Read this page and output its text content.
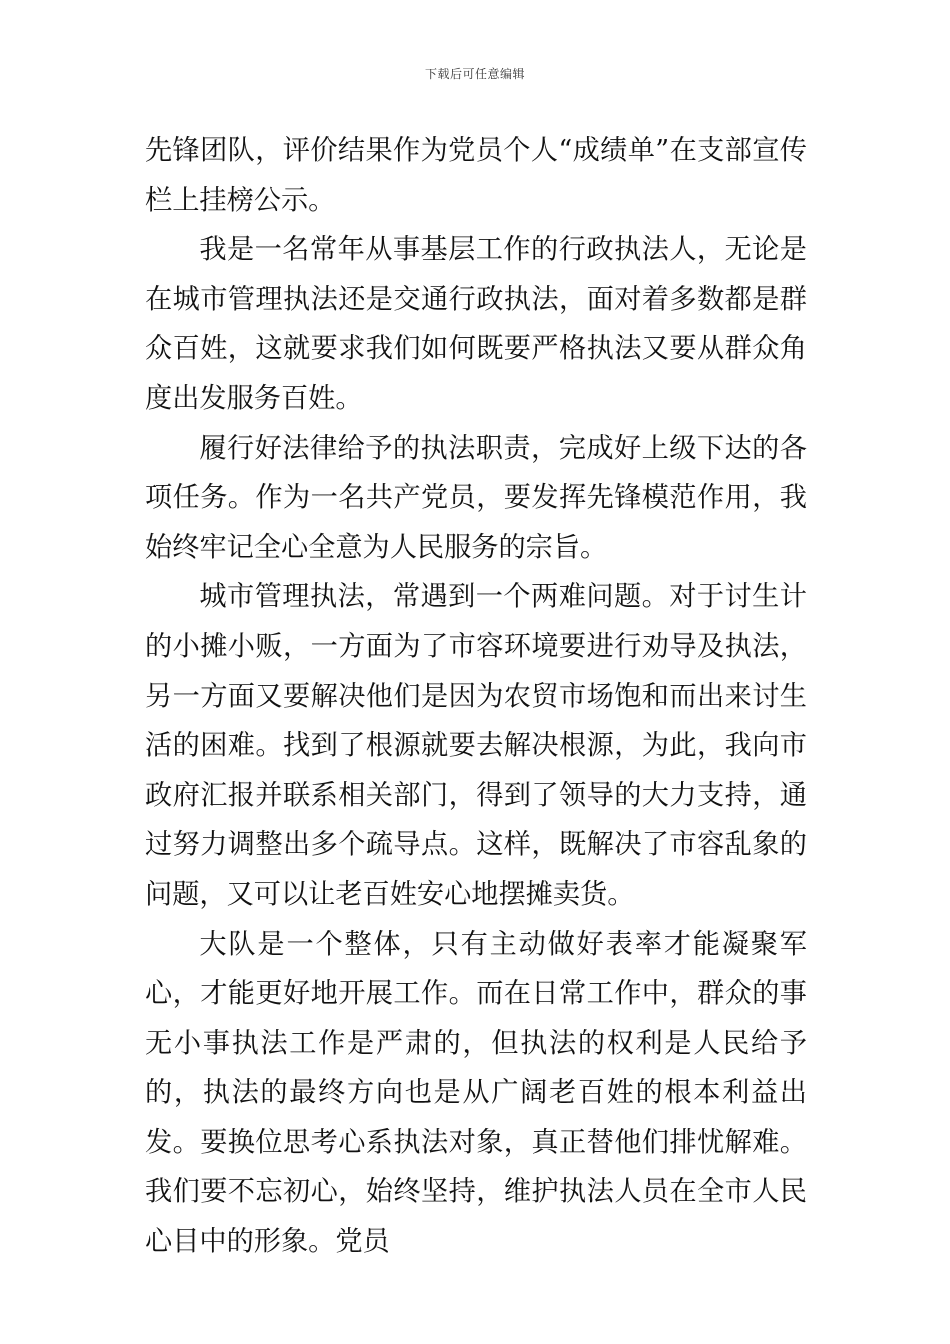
下载后可任意编辑

先锋团队，评价结果作为党员个人“成绩单”在支部宣传栏上挂榜公示。

我是一名常年从事基层工作的行政执法人，无论是在城市管理执法还是交通行政执法，面对着多数都是群众百姓，这就要求我们如何既要严格执法又要从群众角度出发服务百姓。

履行好法律给予的执法职责，完成好上级下达的各项任务。作为一名共产党员，要发挥先锋模范作用，我始终牢记全心全意为人民服务的宗旨。

城市管理执法，常遇到一个两难问题。对于讨生计的小摊小贩，一方面为了市容环境要进行劝导及执法，另一方面又要解决他们是因为农贸市场饱和而出来讨生活的困难。找到了根源就要去解决根源，为此，我向市政府汇报并联系相关部门，得到了领导的大力支持，通过努力调整出多个疏导点。这样，既解决了市容乱象的问题，又可以让老百姓安心地摆摊卖货。

大队是一个整体，只有主动做好表率才能凝聚军心，才能更好地开展工作。而在日常工作中，群众的事无小事执法工作是严肃的，但执法的权利是人民给予的，执法的最终方向也是从广阔老百姓的根本利益出发。要换位思考心系执法对象，真正替他们排忧解难。我们要不忘初心，始终坚持，维护执法人员在全市人民心目中的形象。党员
